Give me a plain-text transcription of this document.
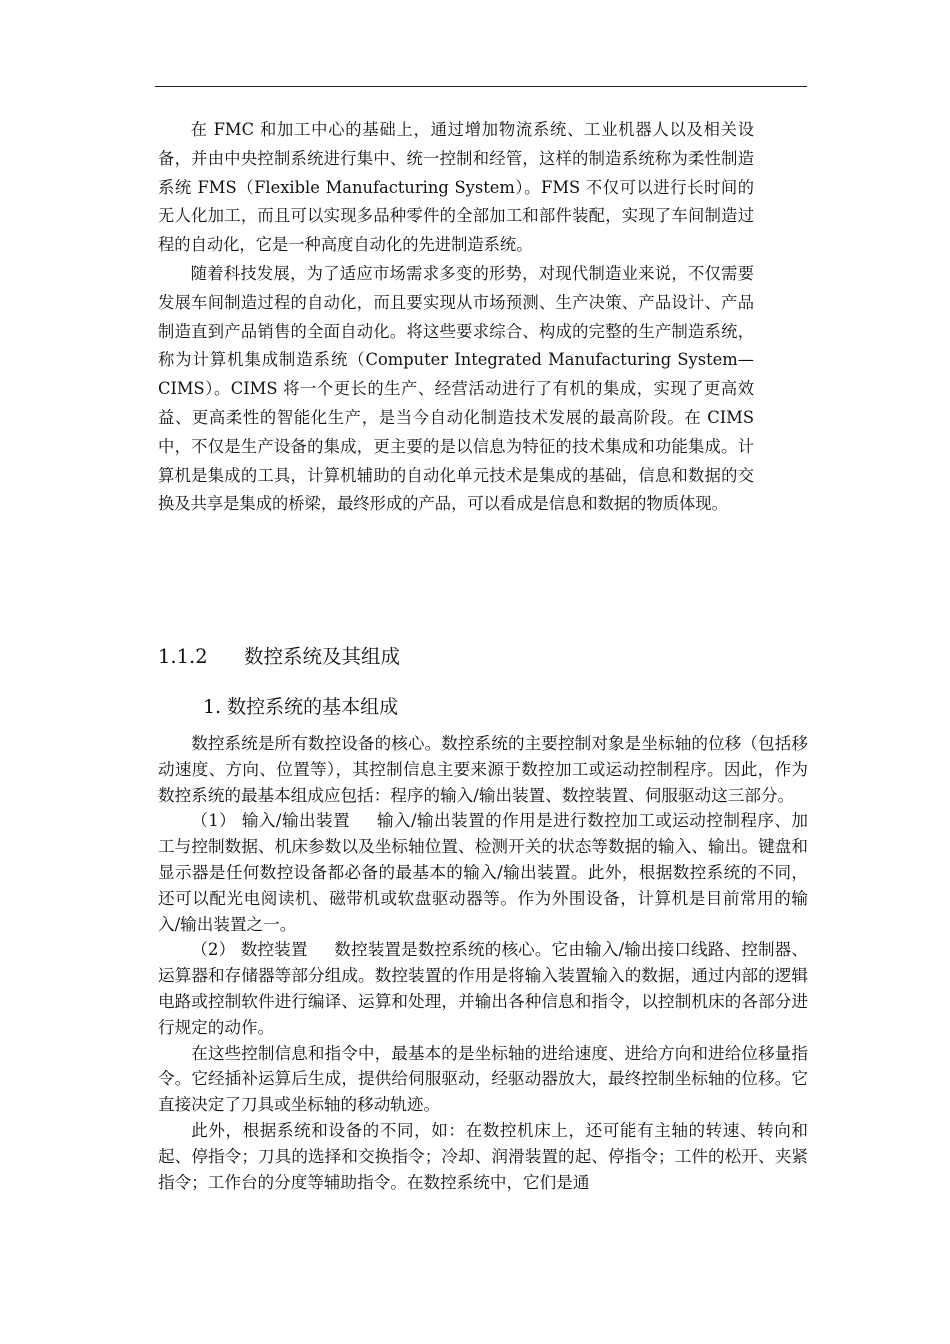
在 FMC 和加工中心的基础上，通过增加物流系统、工业机器人以及相关设备，并由中央控制系统进行集中、统一控制和经管，这样的制造系统称为柔性制造系统 FMS（Flexible Manufacturing System）。FMS 不仅可以进行长时间的无人化加工，而且可以实现多品种零件的全部加工和部件装配，实现了车间制造过程的自动化，它是一种高度自动化的先进制造系统。

随着科技发展，为了适应市场需求多变的形势，对现代制造业来说，不仅需要发展车间制造过程的自动化，而且要实现从市场预测、生产决策、产品设计、产品制造直到产品销售的全面自动化。将这些要求综合、构成的完整的生产制造系统，称为计算机集成制造系统（Computer Integrated Manufacturing System—CIMS）。CIMS 将一个更长的生产、经营活动进行了有机的集成，实现了更高效益、更高柔性的智能化生产，是当今自动化制造技术发展的最高阶段。在 CIMS 中，不仅是生产设备的集成，更主要的是以信息为特征的技术集成和功能集成。计算机是集成的工具，计算机辅助的自动化单元技术是集成的基础，信息和数据的交换及共享是集成的桥梁，最终形成的产品，可以看成是信息和数据的物质体现。

1.1.2 数控系统及其组成
1. 数控系统的基本组成

数控系统是所有数控设备的核心。数控系统的主要控制对象是坐标轴的位移（包括移动速度、方向、位置等），其控制信息主要来源于数控加工或运动控制程序。因此，作为数控系统的最基本组成应包括：程序的输入/输出装置、数控装置、伺服驱动这三部分。

（1） 输入/输出装置 输入/输出装置的作用是进行数控加工或运动控制程序、加工与控制数据、机床参数以及坐标轴位置、检测开关的状态等数据的输入、输出。键盘和显示器是任何数控设备都必备的最基本的输入/输出装置。此外，根据数控系统的不同，还可以配光电阅读机、磁带机或软盘驱动器等。作为外围设备，计算机是目前常用的输入/输出装置之一。

（2） 数控装置 数控装置是数控系统的核心。它由输入/输出接口线路、控制器、运算器和存储器等部分组成。数控装置的作用是将输入装置输入的数据，通过内部的逻辑电路或控制软件进行编译、运算和处理，并输出各种信息和指令，以控制机床的各部分进行规定的动作。

在这些控制信息和指令中，最基本的是坐标轴的进给速度、进给方向和进给位移量指令。它经插补运算后生成，提供给伺服驱动，经驱动器放大，最终控制坐标轴的位移。它直接决定了刀具或坐标轴的移动轨迹。

此外，根据系统和设备的不同，如：在数控机床上，还可能有主轴的转速、转向和起、停指令；刀具的选择和交换指令；冷却、润滑装置的起、停指令；工件的松开、夹紧指令；工作台的分度等辅助指令。在数控系统中，它们是通
